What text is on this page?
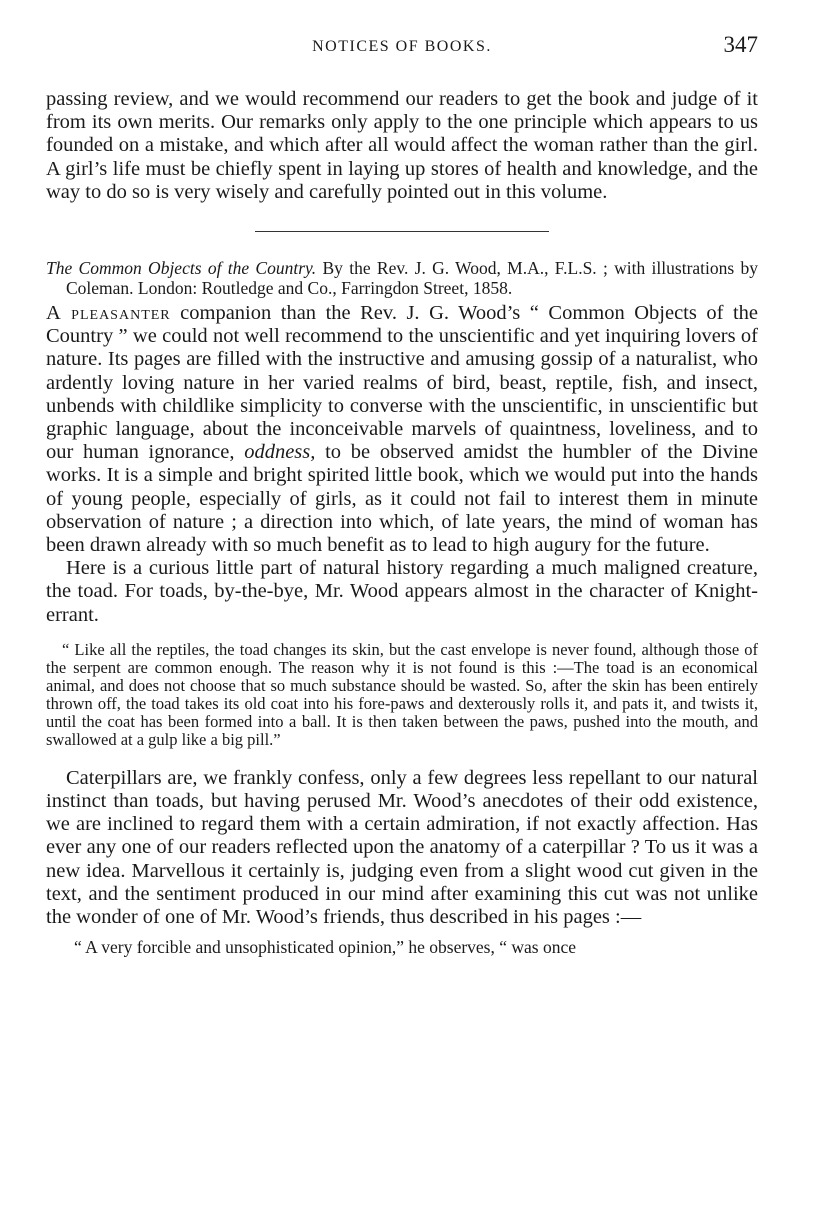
NOTICES OF BOOKS.	347

passing review, and we would recommend our readers to get the book and judge of it from its own merits. Our remarks only apply to the one principle which appears to us founded on a mistake, and which after all would affect the woman rather than the girl. A girl’s life must be chiefly spent in laying up stores of health and knowledge, and the way to do so is very wisely and carefully pointed out in this volume.

The Common Objects of the Country. By the Rev. J. G. Wood, M.A., F.L.S. ; with illustrations by Coleman. London: Routledge and Co., Farringdon Street, 1858.

A pleasanter companion than the Rev. J. G. Wood’s “ Common Objects of the Country ” we could not well recommend to the unscientific and yet inquiring lovers of nature. Its pages are filled with the instructive and amusing gossip of a naturalist, who ardently loving nature in her varied realms of bird, beast, reptile, fish, and insect, unbends with childlike simplicity to converse with the unscientific, in unscientific but graphic language, about the inconceivable marvels of quaintness, loveliness, and to our human ignorance, oddness, to be observed amidst the humbler of the Divine works. It is a simple and bright spirited little book, which we would put into the hands of young people, especially of girls, as it could not fail to interest them in minute observation of nature ; a direction into which, of late years, the mind of woman has been drawn already with so much benefit as to lead to high augury for the future.

Here is a curious little part of natural history regarding a much maligned creature, the toad. For toads, by-the-bye, Mr. Wood appears almost in the character of Knight-errant.

“ Like all the reptiles, the toad changes its skin, but the cast envelope is never found, although those of the serpent are common enough. The reason why it is not found is this :—The toad is an economical animal, and does not choose that so much substance should be wasted. So, after the skin has been entirely thrown off, the toad takes its old coat into his fore-paws and dexterously rolls it, and pats it, and twists it, until the coat has been formed into a ball. It is then taken between the paws, pushed into the mouth, and swallowed at a gulp like a big pill.”

Caterpillars are, we frankly confess, only a few degrees less repellant to our natural instinct than toads, but having perused Mr. Wood’s anecdotes of their odd existence, we are inclined to regard them with a certain admiration, if not exactly affection. Has ever any one of our readers reflected upon the anatomy of a caterpillar ? To us it was a new idea. Marvellous it certainly is, judging even from a slight wood cut given in the text, and the sentiment produced in our mind after examining this cut was not unlike the wonder of one of Mr. Wood’s friends, thus described in his pages :—

“ A very forcible and unsophisticated opinion,” he observes, “ was once
